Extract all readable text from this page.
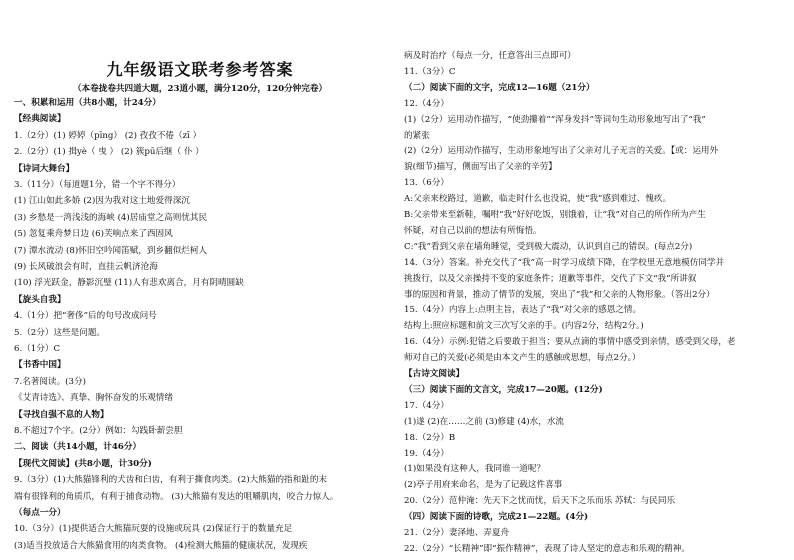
九年级语文联考参考答案
（本卷拢卷共四道大题，23道小题，满分120分，120分钟完卷）
一、积累和运用（共8小题，计24分）
【经典阅读】
1.（2分）(1) 婷婷（pīng） (2) 孜孜不倦（zī ）
2.（2分）(1) 揖yè（ 曳 ） (2) 簇pū后继（ 仆 ）
【诗词大舞台】
3.（11分）（每道题1分，错一个字不得分）
(1) 江山如此多娇 (2)因为我对这土地爱得深沉
(3) 乡愁是一湾浅浅的海峡 (4)居庙堂之高则忧其民
(5) 忽复乘舟梦日边 (6)芙响点来了西固风
(7) 潭水流动 (8)怀旧空吟闻笛赋，到乡翻似烂柯人
(9) 长风破浪会有时，直挂云帆济沧海
(10) 浮光跃金，静影沉璧 (11)人有悲欢离合，月有阴晴圆缺
【旋头自我】
4.（1分）把“奢侈”后的句号改成问号
5.（2分）这些是问题。
6.（1分）C
【书香中国】
7.名著阅读。(3分)
《艾青诗选》、真挚、胸怀奋发的乐观情绪
【寻找自强不息的人物】
8.不超过7个字。(2分）例如：勾践卧薪尝胆
二、阅读（共14小题，计46分）
【现代文阅读】(共8小题，计30分)
9.（3分）(1)大熊猫锋利的犬齿和臼齿，有利于撕食肉类。(2)大熊猫的指和趾的末
端有很锋利的角质爪，有利于捕食动物。 (3)大熊猫有发达的咀嚼肌肉，咬合力惊人。
（每点一分）
10.（3分）(1)提供适合大熊猫玩耍的设施或玩具 (2)保证行于的数量充足
(3)适当投放适合大熊猫食用的肉类食物。 (4)检测大熊猫的健康状况，发现疾
病及时治疗（每点一分，任意答出三点即可）
11.（3分）C
（二）阅读下面的文字，完成12—16题（21分）
12.（4分）
(1)（2分）运用动作描写，“使劲攥着”“浑身发抖”等词句生动形象地写出了“我”
的紧张
(2)（2分）运用动作描写，生动形象地写出了父亲对儿子无言的关爱。【或：运用外
貌(细节)描写，侧面写出了父亲的辛劳】
13.（6分）
A:父亲来校路过，道歉，临走时什么也没说，使“我”感到难过、愧疚。
B:父亲带来至新鞋，嘱咐“我”好好吃饭，别饿着，让“我”对自己的所作所为产生
怀疑，对自己以前的想法有所悔悟。
C:“我”看到父亲在墙角睡觉，受到极大震动，认识到自己的错误。(每点2分)
14.（3分）答案。补充交代了“我”高一时学习成绩下降，在学校里无意地模仿同学并
挑拨行，以及父亲操持不变的家庭条件；道歉等事件，交代了下文“我”所讲叙
事的原因和背景，推动了情节的发展，突出了“我”和父亲的人物形象。（答出2分）
15.（4分）内容上:点明主旨，表达了“我”对父亲的感恩之情。
结构上:照应标题和前文三次写父亲的手。(内容2分，结构2分。)
16.（4分）示例:犯错之后要敢于担当；要从点滴的事情中感受到亲情，感受到父母，老
师对自己的关爱(必须是由本文产生的感触或思想，每点2分。）
【古诗文阅读】
（三）阅读下面的文言文，完成17—20题。(12分)
17.（4分）
(1)遂 (2)在……之前 (3)修建 (4)水，水流
18.（2分）B
19.（4分）
(1)如果没有这种人，我同谁一道呢？
(2)亭子用府来命名，是为了记载这件喜事
20.（2分）范仲淹：先天下之忧而忧，后天下之乐而乐 苏轼：与民同乐
（四）阅读下面的诗歌，完成21—22题。(4分)
21.（2分）妻泽地、弄夏舟
22.（2分）“长精神”即“振作精神”，表现了诗人坚定的意志和乐观的精神。
